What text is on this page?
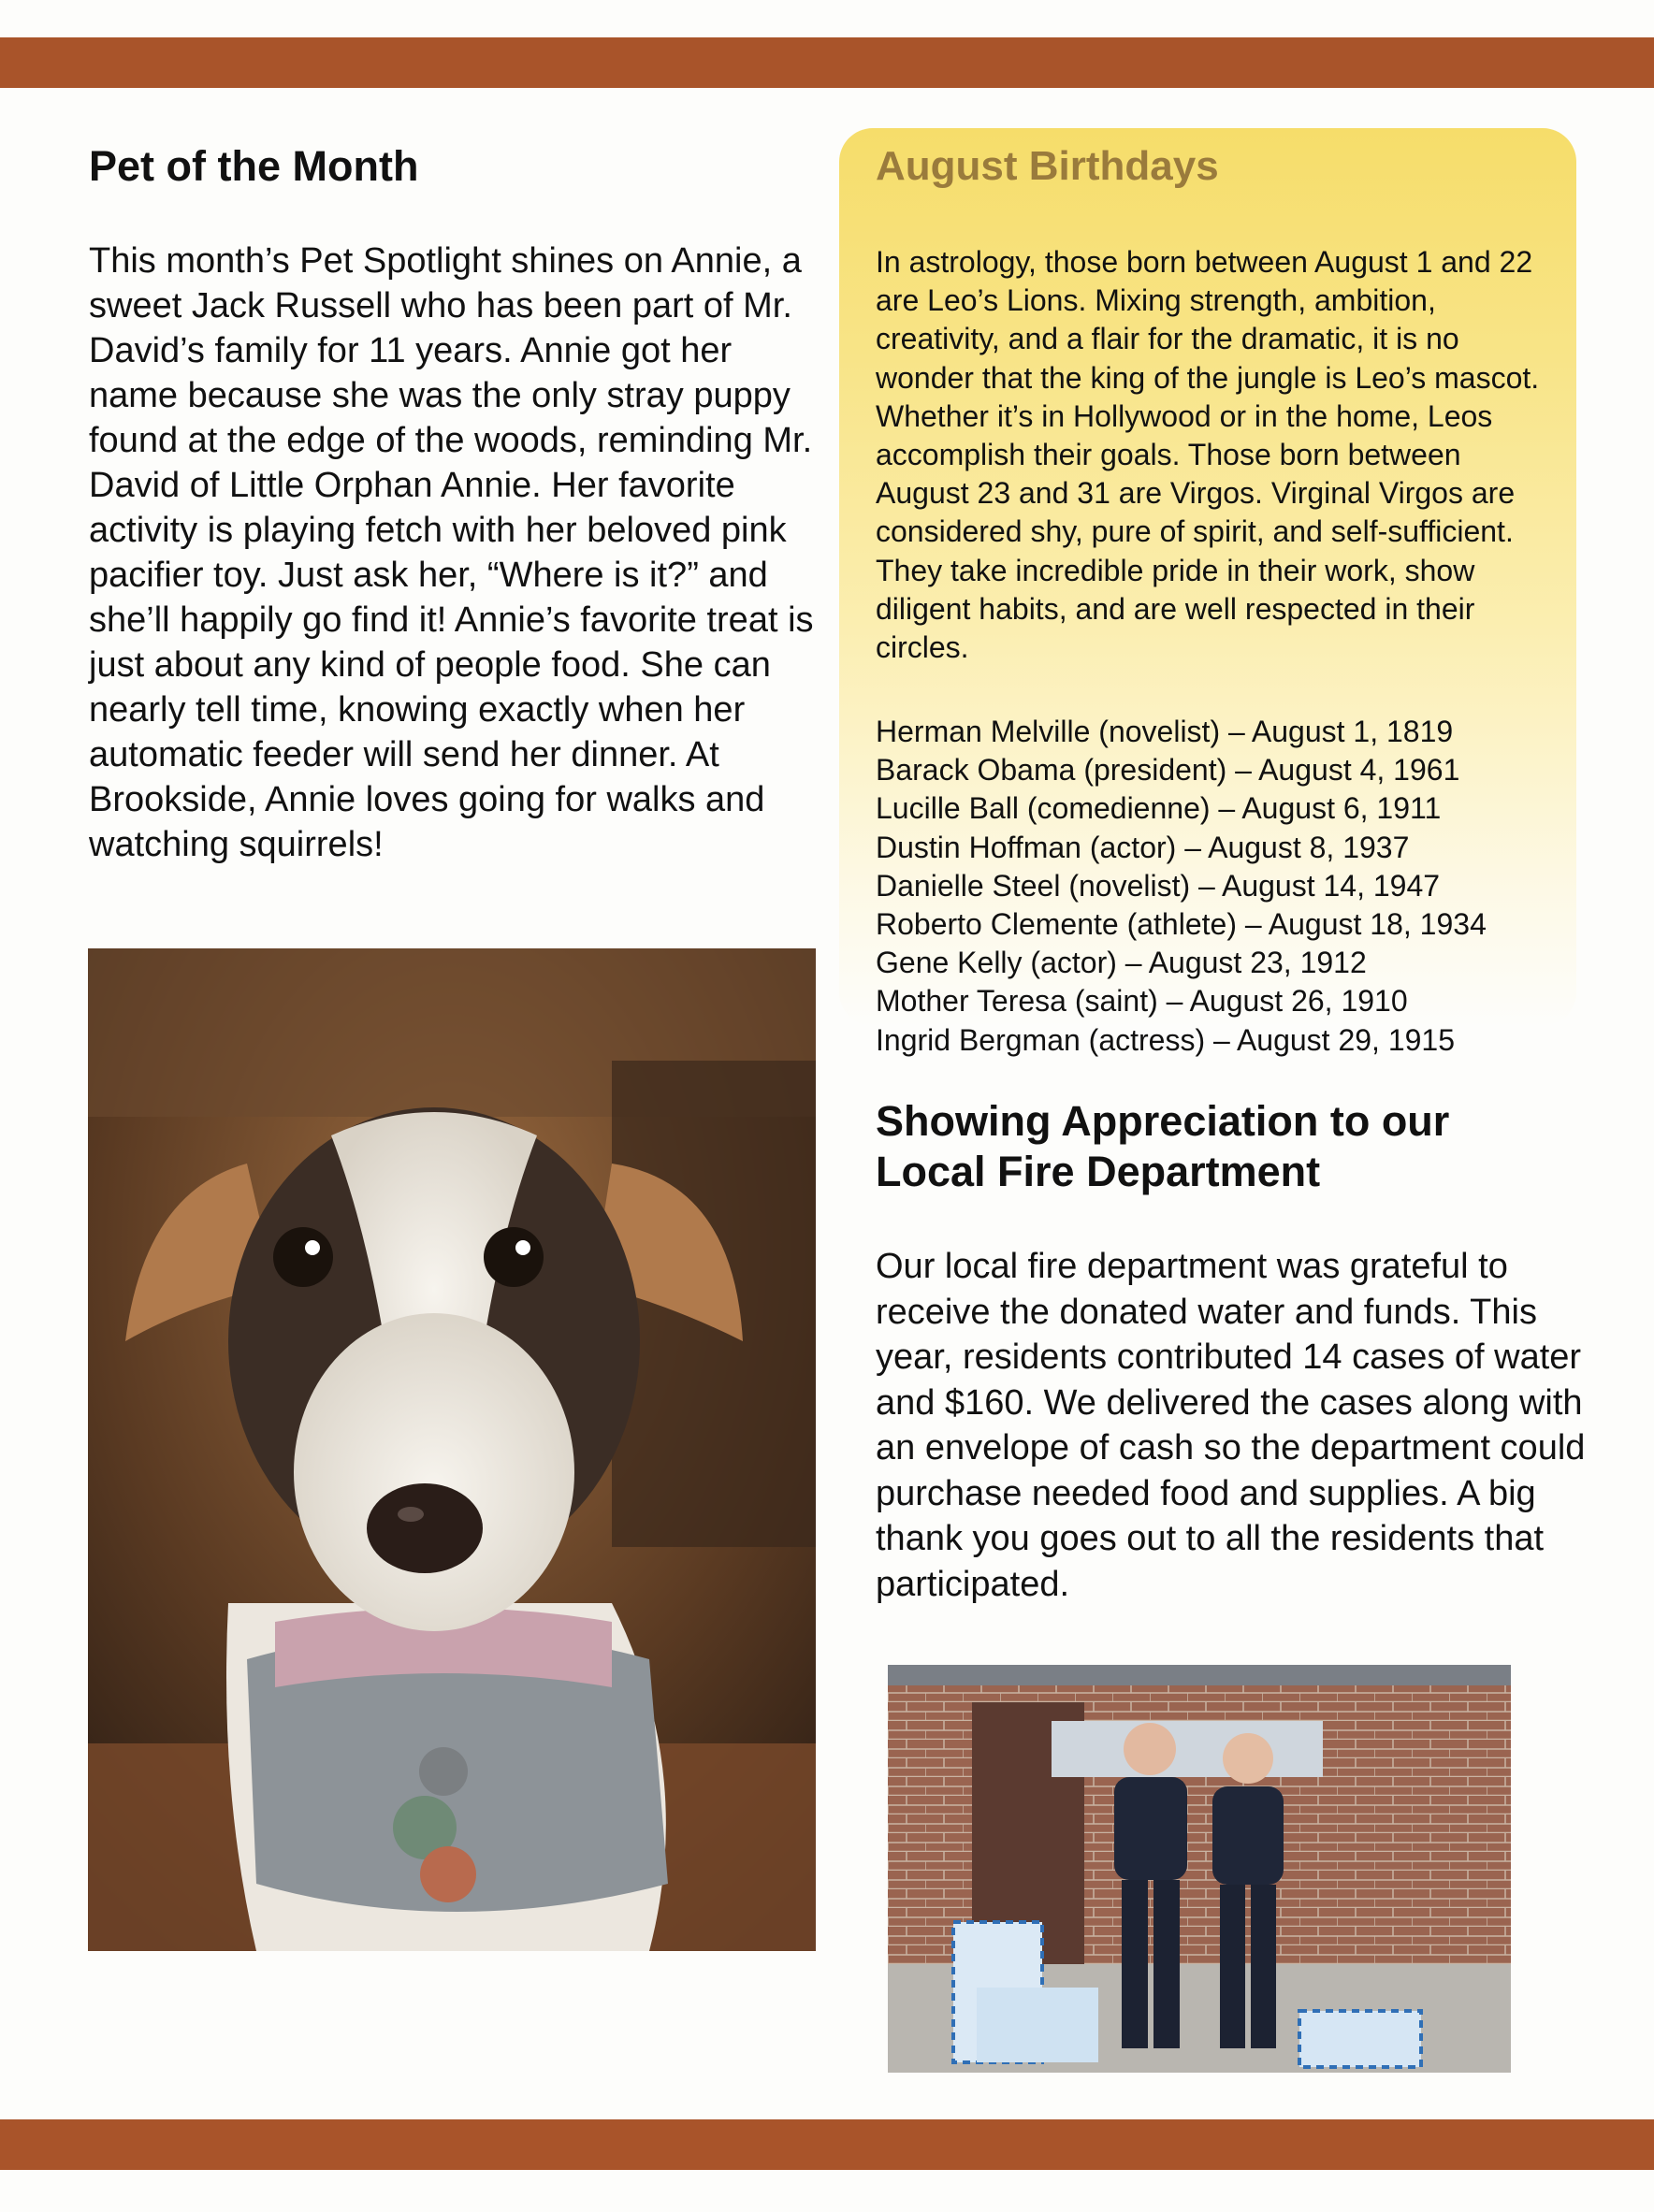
Pet of the Month

This month’s Pet Spotlight shines on Annie, a sweet Jack Russell who has been part of Mr. David’s family for 11 years. Annie got her name because she was the only stray puppy found at the edge of the woods, reminding Mr. David of Little Orphan Annie. Her favorite activity is playing fetch with her beloved pink pacifier toy. Just ask her, “Where is it?” and she’ll happily go find it! Annie’s favorite treat is just about any kind of people food. She can nearly tell time, knowing exactly when her automatic feeder will send her dinner. At Brookside, Annie loves going for walks and watching squirrels!

August Birthdays

In astrology, those born between August 1 and 22 are Leo’s Lions. Mixing strength, ambition, creativity, and a flair for the dramatic, it is no wonder that the king of the jungle is Leo’s mascot. Whether it’s in Hollywood or in the home, Leos accomplish their goals. Those born between August 23 and 31 are Virgos. Virginal Virgos are considered shy, pure of spirit, and self-sufficient. They take incredible pride in their work, show diligent habits, and are well respected in their circles.

Herman Melville (novelist) – August 1, 1819
Barack Obama (president) – August 4, 1961
Lucille Ball (comedienne) – August 6, 1911
Dustin Hoffman (actor) – August 8, 1937
Danielle Steel (novelist) – August 14, 1947
Roberto Clemente (athlete) – August 18, 1934
Gene Kelly (actor) – August 23, 1912
Mother Teresa (saint) – August 26, 1910
Ingrid Bergman (actress) – August 29, 1915
Showing Appreciation to our Local Fire Department

Our local fire department was grateful to receive the donated water and funds. This year, residents contributed 14 cases of water and $160. We delivered the cases along with an envelope of cash so the department could purchase needed food and supplies. A big thank you goes out to all the residents that participated.
